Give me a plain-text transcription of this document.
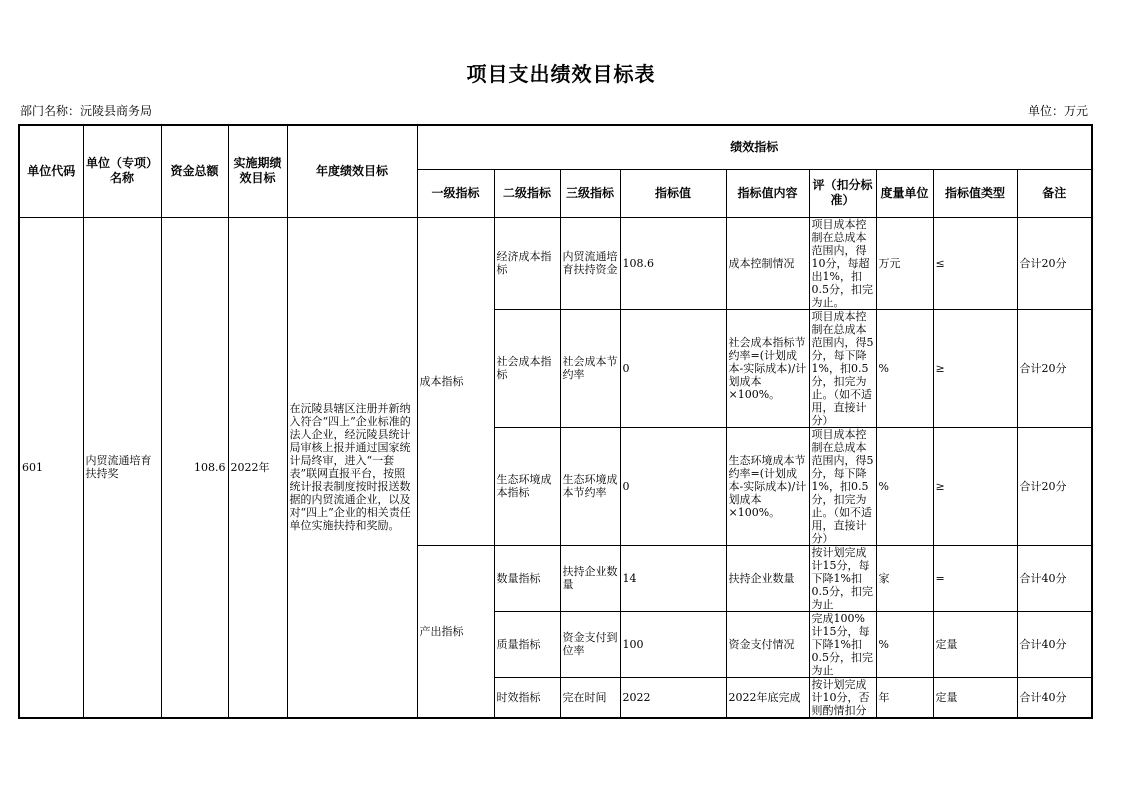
项目支出绩效目标表
部门名称：沅陵县商务局	单位：万元
单位代码	单位（专项）名称	资金总额	实施期绩效目标	年度绩效目标	绩效指标								
					一级指标	二级指标	三级指标	指标值	指标值内容	评（扣分标准）	度量单位	指标值类型	备注
601	内贸流通培育扶持奖	108.6	2022年	在沅陵县辖区注册并新纳入符合“四上”企业标准的法人企业，经沅陵县统计局审核上报并通过国家统计局终审，进入“一套表”联网直报平台，按照统计报表制度按时报送数据的内贸流通企业，以及对“四上”企业的相关责任单位实施扶持和奖励。	成本指标	经济成本指标	内贸流通培育扶持资金	108.6	成本控制情况	项目成本控制在总成本范围内，得10分，每超出1%，扣0.5分，扣完为止。	万元	≤	合计20分
						社会成本指标	社会成本节约率	0	社会成本指标节约率=(计划成本-实际成本)/计划成本×100%。	项目成本控制在总成本范围内，得5分，每下降1%，扣0.5分，扣完为止。（如不适用，直接计分）	%	≥	合计20分
						生态环境成本指标	生态环境成本节约率	0	生态环境成本节约率=(计划成本-实际成本)/计划成本×100%。	项目成本控制在总成本范围内，得5分，每下降1%，扣0.5分，扣完为止。（如不适用，直接计分）	%	≥	合计20分
					产出指标	数量指标	扶持企业数量	14	扶持企业数量	按计划完成计15分，每下降1%扣0.5分，扣完为止	家	=	合计40分
						质量指标	资金支付到位率	100	资金支付情况	完成100%计15分，每下降1%扣0.5分，扣完为止	%	定量	合计40分
						时效指标	完在时间	2022	2022年底完成	按计划完成计10分，否则酌情扣分	年	定量	合计40分
